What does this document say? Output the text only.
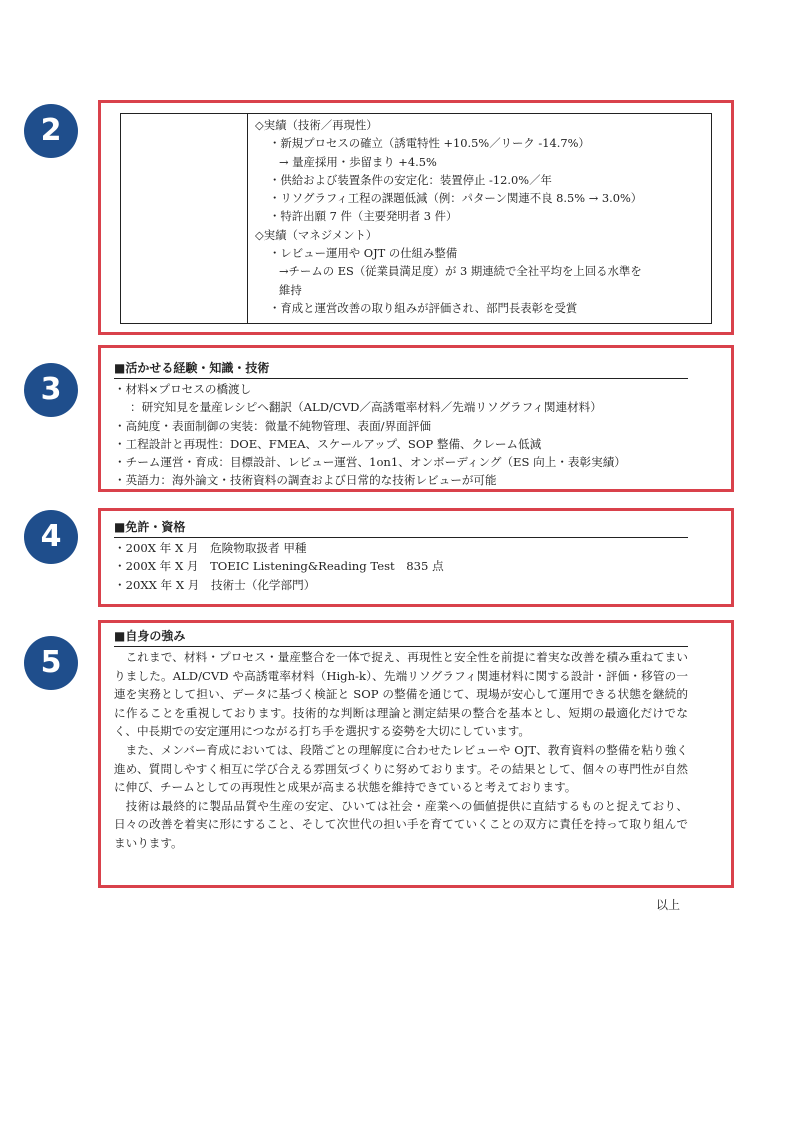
2	◇実績（技術／再現性）
・新規プロセスの確立（誘電特性 +10.5%／リーク -14.7%）
→ 量産採用・歩留まり +4.5%
・供給および装置条件の安定化：装置停止 -12.0%／年
・リソグラフィ工程の課題低減（例：パターン関連不良 8.5% → 3.0%）
・特許出願 7 件（主要発明者 3 件）
◇実績（マネジメント）
・レビュー運用や OJT の仕組み整備
→チームの ES（従業員満足度）が 3 期連続で全社平均を上回る水準を
維持
・育成と運営改善の取り組みが評価され、部門長表彰を受賞
3
■活かせる経験・知識・技術
・材料×プロセスの橋渡し
：研究知見を量産レシピへ翻訳（ALD/CVD／高誘電率材料／先端リソグラフィ関連材料）
・高純度・表面制御の実装：微量不純物管理、表面/界面評価
・工程設計と再現性：DOE、FMEA、スケールアップ、SOP 整備、クレーム低減
・チーム運営・育成：目標設計、レビュー運営、1on1、オンボーディング（ES 向上・表彰実績）
・英語力：海外論文・技術資料の調査および日常的な技術レビューが可能
4	■免許・資格
・200X 年 X 月　危険物取扱者 甲種
・200X 年 X 月　TOEIC Listening&Reading Test　835 点
・20XX 年 X 月　技術士（化学部門）
5
■自身の強み

これまで、材料・プロセス・量産整合を一体で捉え、再現性と安全性を前提に着実な改善を積み重ねてまいりました。ALD/CVD や高誘電率材料（High-k）、先端リソグラフィ関連材料に関する設計・評価・移管の一連を実務として担い、データに基づく検証と SOP の整備を通じて、現場が安心して運用できる状態を継続的に作ることを重視しております。技術的な判断は理論と測定結果の整合を基本とし、短期の最適化だけでなく、中長期での安定運用につながる打ち手を選択する姿勢を大切にしています。

また、メンバー育成においては、段階ごとの理解度に合わせたレビューや OJT、教育資料の整備を粘り強く進め、質問しやすく相互に学び合える雰囲気づくりに努めております。その結果として、個々の専門性が自然に伸び、チームとしての再現性と成果が高まる状態を維持できていると考えております。

技術は最終的に製品品質や生産の安定、ひいては社会・産業への価値提供に直結するものと捉えており、日々の改善を着実に形にすること、そして次世代の担い手を育てていくことの双方に責任を持って取り組んでまいります。

以上
